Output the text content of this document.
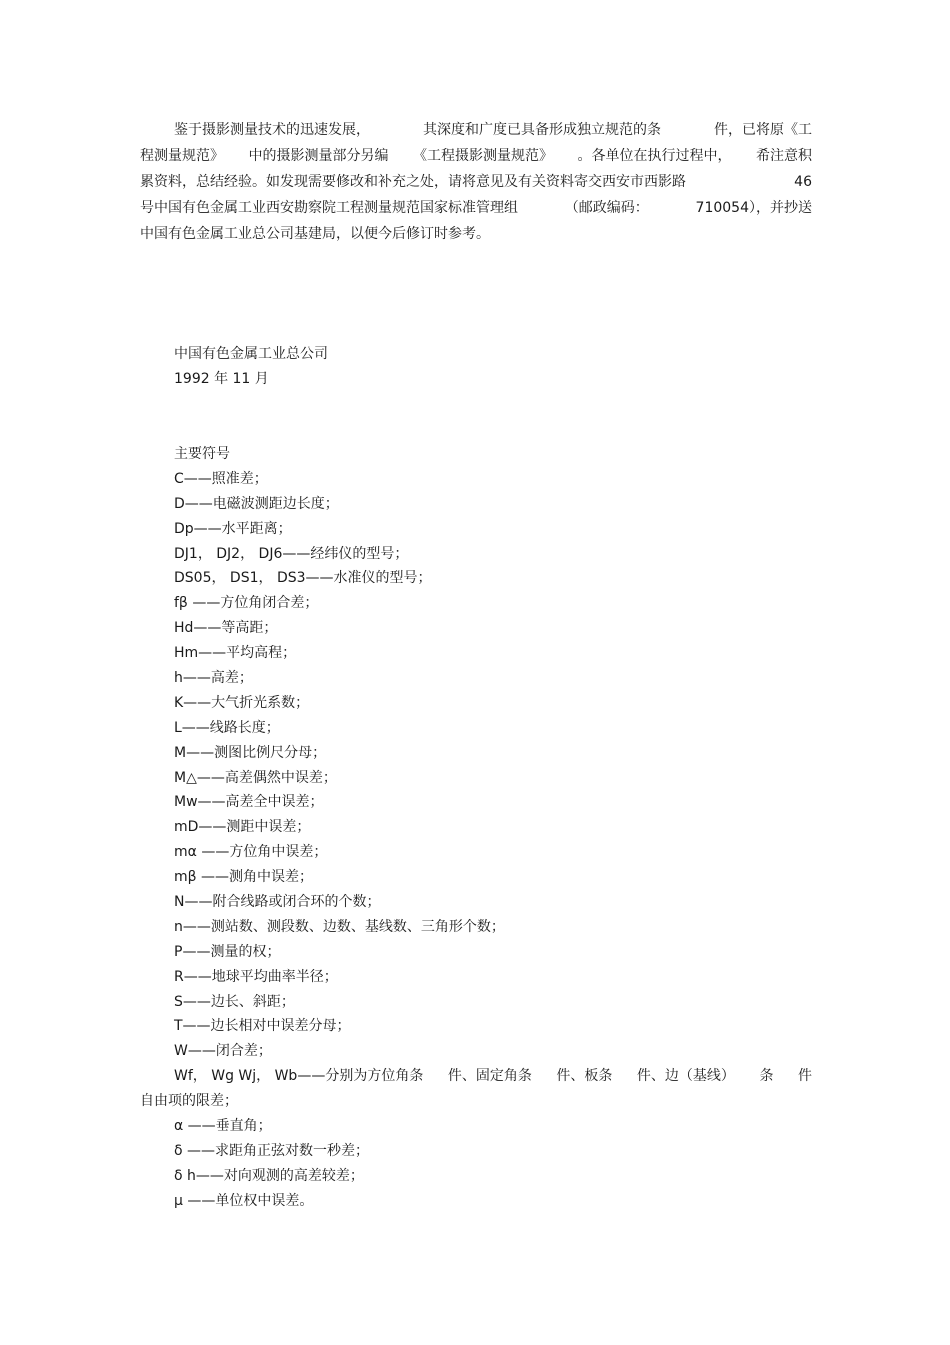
鉴于摄影测量技术的迅速发展，	其深度和广度已具备形成独立规范的条	件，已将原《工
程测量规范》 中的摄影测量部分另编 《工程摄影测量规范》 。各单位在执行过程中， 希注意积
累资料，总结经验。如发现需要修改和补充之处，请将意见及有关资料寄交西安市西影路	46
号中国有色金属工业西安勘察院工程测量规范国家标准管理组	（邮政编码：	710054），并抄送
中国有色金属工业总公司基建局，以便今后修订时参考。
中国有色金属工业总公司
1992 年 11 月
主要符号
C——照准差；
D——电磁波测距边长度；
Dp——水平距离；
DJ1， DJ2， DJ6——经纬仪的型号；
DS05， DS1， DS3——水准仪的型号；
fβ ——方位角闭合差；
Hd——等高距；
Hm——平均高程；
h——高差；
K——大气折光系数；
L——线路长度；
M——测图比例尺分母；
M△——高差偶然中误差；
Mw——高差全中误差；
mD——测距中误差；
mα ——方位角中误差；
mβ ——测角中误差；
N——附合线路或闭合环的个数；
n——测站数、测段数、边数、基线数、三角形个数；
P——测量的权；
R——地球平均曲率半径；
S——边长、斜距；
T——边长相对中误差分母；
W——闭合差；
Wf， Wg Wj， Wb——分别为方位角条 件、固定角条 件、板条 件、边（基线） 条 件
自由项的限差；
α ——垂直角；
δ ——求距角正弦对数一秒差；
δ h——对向观测的高差较差；
μ ——单位权中误差。
